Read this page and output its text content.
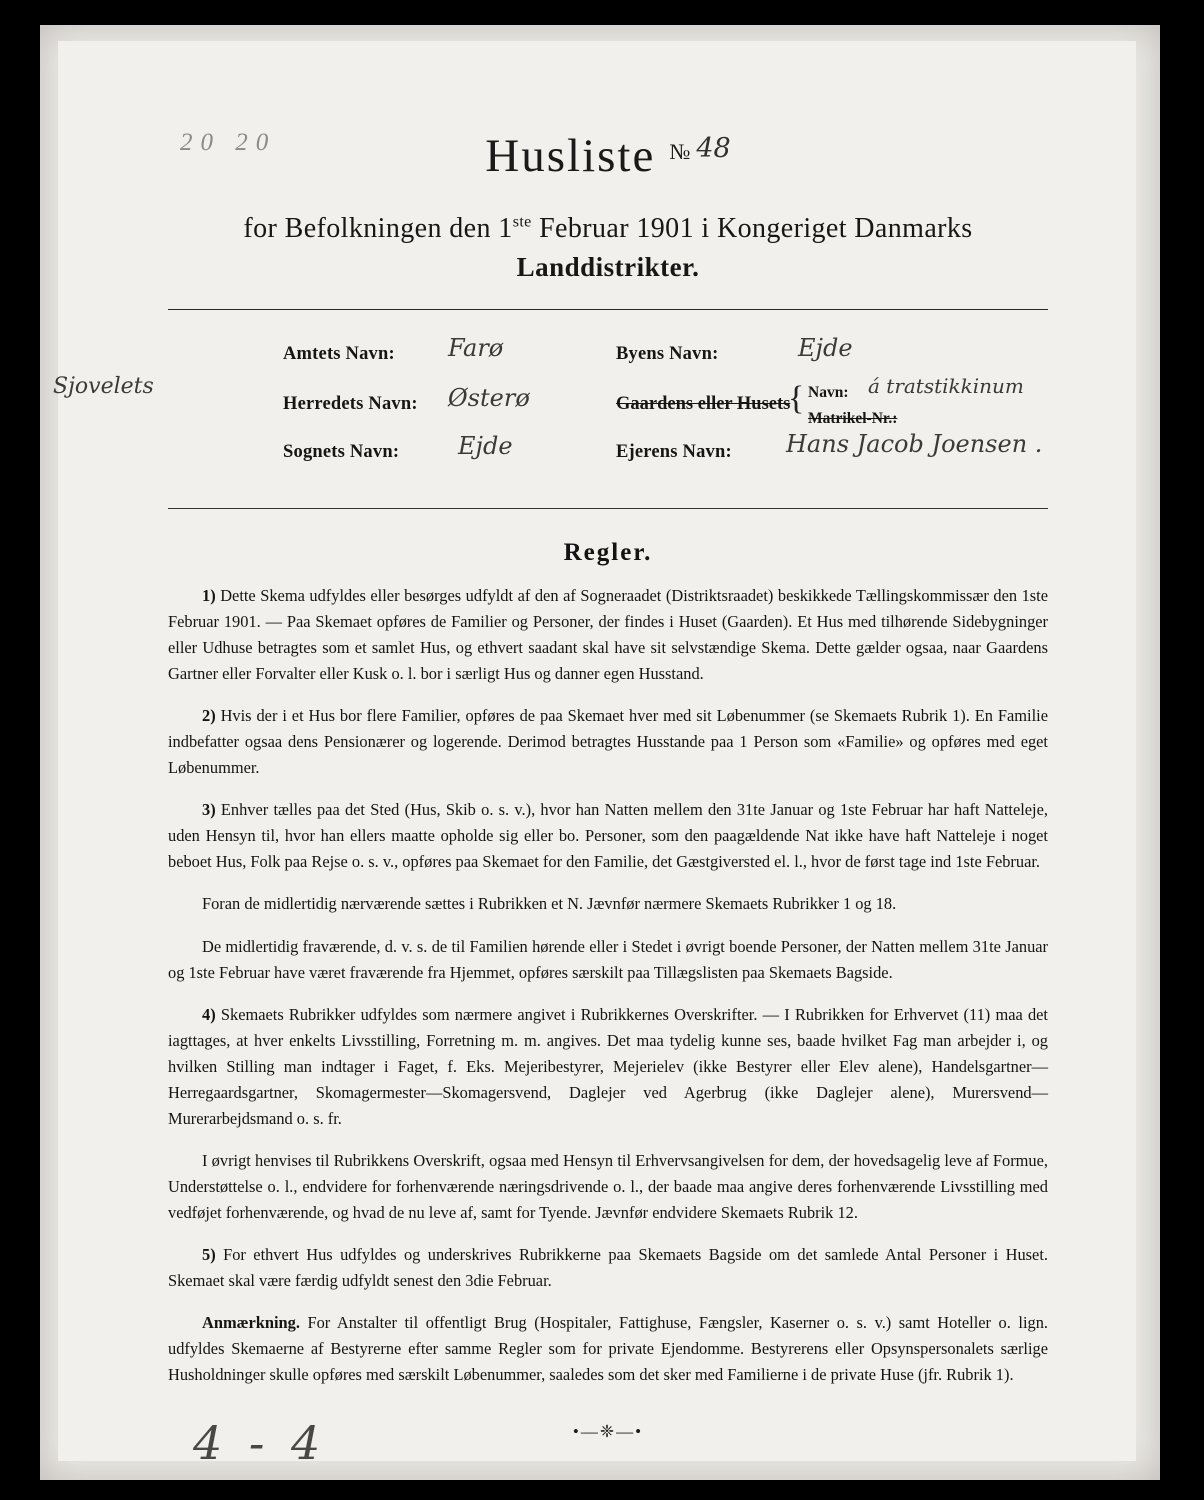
20 20	Husliste № 48
for Befolkningen den 1ste Februar 1901 i Kongeriget Danmarks
Landdistrikter.
Sjovelets
Amtets Navn: Farø
Herredets Navn: Østerø
Sognets Navn: Ejde
Byens Navn:	Ejde
Gaardens eller Husets
{ Navn: á tratstikkinum
Matrikel-Nr.:
Ejerens Navn: Hans Jacob Joensen .
Regler.

1) Dette Skema udfyldes eller besørges udfyldt af den af Sogneraadet (Distriktsraadet) beskikkede Tællingskommissær den 1ste Februar 1901. — Paa Skemaet opføres de Familier og Personer, der findes i Huset (Gaarden). Et Hus med tilhørende Sidebygninger eller Udhuse betragtes som et samlet Hus, og ethvert saadant skal have sit selvstændige Skema. Dette gælder ogsaa, naar Gaardens Gartner eller Forvalter eller Kusk o. l. bor i særligt Hus og danner egen Husstand.

2) Hvis der i et Hus bor flere Familier, opføres de paa Skemaet hver med sit Løbenummer (se Skemaets Rubrik 1). En Familie indbefatter ogsaa dens Pensionærer og logerende. Derimod betragtes Husstande paa 1 Person som «Familie» og opføres med eget Løbenummer.

3) Enhver tælles paa det Sted (Hus, Skib o. s. v.), hvor han Natten mellem den 31te Januar og 1ste Februar har haft Natteleje, uden Hensyn til, hvor han ellers maatte opholde sig eller bo. Personer, som den paagældende Nat ikke have haft Natteleje i noget beboet Hus, Folk paa Rejse o. s. v., opføres paa Skemaet for den Familie, det Gæstgiversted el. l., hvor de først tage ind 1ste Februar.

Foran de midlertidig nærværende sættes i Rubrikken et N. Jævnfør nærmere Skemaets Rubrikker 1 og 18.

De midlertidig fraværende, d. v. s. de til Familien hørende eller i Stedet i øvrigt boende Personer, der Natten mellem 31te Januar og 1ste Februar have været fraværende fra Hjemmet, opføres særskilt paa Tillægslisten paa Skemaets Bagside.

4) Skemaets Rubrikker udfyldes som nærmere angivet i Rubrikkernes Overskrifter. — I Rubrikken for Erhvervet (11) maa det iagttages, at hver enkelts Livsstilling, Forretning m. m. angives. Det maa tydelig kunne ses, baade hvilket Fag man arbejder i, og hvilken Stilling man indtager i Faget, f. Eks. Mejeribestyrer, Mejerielev (ikke Bestyrer eller Elev alene), Handelsgartner—Herregaardsgartner, Skomagermester—Skomagersvend, Daglejer ved Agerbrug (ikke Daglejer alene), Murersvend—Murerarbejdsmand o. s. fr.

I øvrigt henvises til Rubrikkens Overskrift, ogsaa med Hensyn til Erhvervsangivelsen for dem, der hovedsagelig leve af Formue, Understøttelse o. l., endvidere for forhenværende næringsdrivende o. l., der baade maa angive deres forhenværende Livsstilling med vedføjet forhenværende, og hvad de nu leve af, samt for Tyende. Jævnfør endvidere Skemaets Rubrik 12.

5) For ethvert Hus udfyldes og underskrives Rubrikkerne paa Skemaets Bagside om det samlede Antal Personer i Huset. Skemaet skal være færdig udfyldt senest den 3die Februar.

Anmærkning. For Anstalter til offentligt Brug (Hospitaler, Fattighuse, Fængsler, Kaserner o. s. v.) samt Hoteller o. lign. udfyldes Skemaerne af Bestyrerne efter samme Regler som for private Ejendomme. Bestyrerens eller Opsynspersonalets særlige Husholdninger skulle opføres med særskilt Løbenummer, saaledes som det sker med Familierne i de private Huse (jfr. Rubrik 1).

•―❈―•
4 - 4
